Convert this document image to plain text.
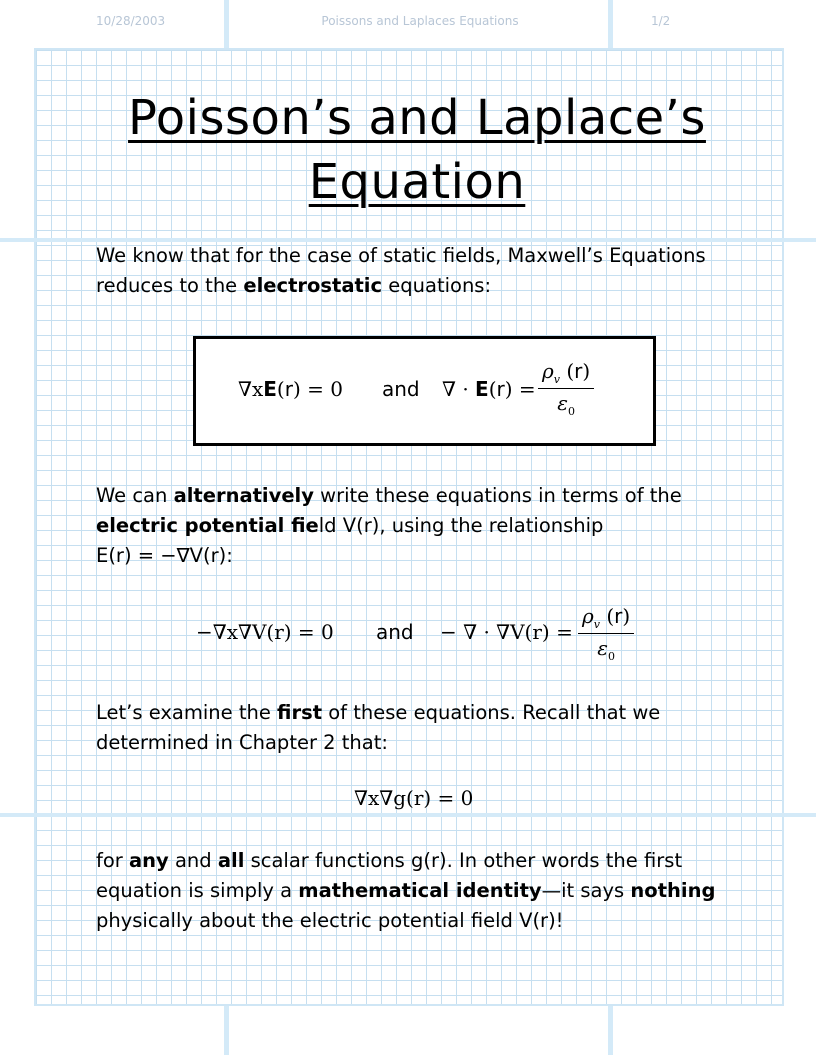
10/28/2003	Poissons and Laplaces Equations	1/2
Poisson’s and Laplace’s
Equation
We know that for the case of static fields, Maxwell’s Equations
reduces to the electrostatic equations:
∇xE(r) = 0 and ∇ · $E(r) = \frac{\rho_v (r)}{\varepsilon_0}$
We can alternatively write these equations in terms of the
electric potential field V(r), using the relationship
E(r) = −∇V(r):
−∇x∇V(r) = 0 and − ∇ · $\nabla V(r) = \frac{\rho_v (r)}{\varepsilon_0}$
Let’s examine the first of these equations. Recall that we
determined in Chapter 2 that:
∇x∇g(r) = 0
for any and all scalar functions g(r). In other words the first
equation is simply a mathematical identity—it says nothing
physically about the electric potential field V(r)!
